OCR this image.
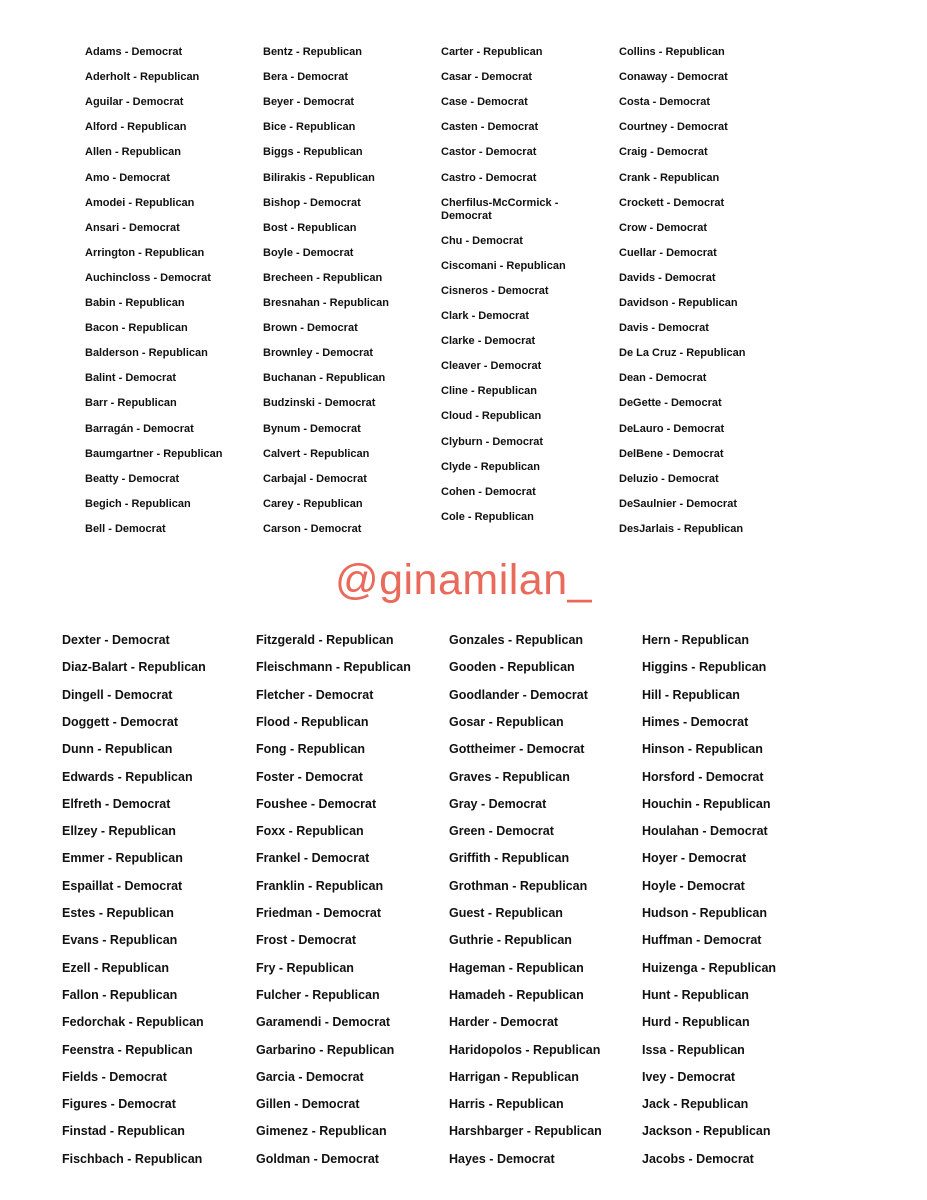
Adams - Democrat
Aderholt - Republican
Aguilar - Democrat
Alford - Republican
Allen - Republican
Amo - Democrat
Amodei - Republican
Ansari - Democrat
Arrington - Republican
Auchincloss - Democrat
Babin - Republican
Bacon - Republican
Balderson - Republican
Balint - Democrat
Barr - Republican
Barragán - Democrat
Baumgartner - Republican
Beatty - Democrat
Begich - Republican
Bell - Democrat
Bentz - Republican
Bera - Democrat
Beyer - Democrat
Bice - Republican
Biggs - Republican
Bilirakis - Republican
Bishop - Democrat
Bost - Republican
Boyle - Democrat
Brecheen - Republican
Bresnahan - Republican
Brown - Democrat
Brownley - Democrat
Buchanan - Republican
Budzinski - Democrat
Bynum - Democrat
Calvert - Republican
Carbajal - Democrat
Carey - Republican
Carson - Democrat
Carter - Republican
Casar - Democrat
Case - Democrat
Casten - Democrat
Castor - Democrat
Castro - Democrat
Cherfilus-McCormick - Democrat
Chu - Democrat
Ciscomani - Republican
Cisneros - Democrat
Clark - Democrat
Clarke - Democrat
Cleaver - Democrat
Cline - Republican
Cloud - Republican
Clyburn - Democrat
Clyde - Republican
Cohen - Democrat
Cole - Republican
Collins - Republican
Conaway - Democrat
Costa - Democrat
Courtney - Democrat
Craig - Democrat
Crank - Republican
Crockett - Democrat
Crow - Democrat
Cuellar - Democrat
Davids - Democrat
Davidson - Republican
Davis - Democrat
De La Cruz - Republican
Dean - Democrat
DeGette - Democrat
DeLauro - Democrat
DelBene - Democrat
Deluzio - Democrat
DeSaulnier - Democrat
DesJarlais - Republican
@ginamilan_
Dexter - Democrat
Diaz-Balart - Republican
Dingell - Democrat
Doggett - Democrat
Dunn - Republican
Edwards - Republican
Elfreth - Democrat
Ellzey - Republican
Emmer - Republican
Espaillat - Democrat
Estes - Republican
Evans - Republican
Ezell - Republican
Fallon - Republican
Fedorchak - Republican
Feenstra - Republican
Fields - Democrat
Figures - Democrat
Finstad - Republican
Fischbach - Republican
Fitzgerald - Republican
Fleischmann - Republican
Fletcher - Democrat
Flood - Republican
Fong - Republican
Foster - Democrat
Foushee - Democrat
Foxx - Republican
Frankel - Democrat
Franklin - Republican
Friedman - Democrat
Frost - Democrat
Fry - Republican
Fulcher - Republican
Garamendi - Democrat
Garbarino - Republican
Garcia - Democrat
Gillen - Democrat
Gimenez - Republican
Goldman - Democrat
Gonzales - Republican
Gooden - Republican
Goodlander - Democrat
Gosar - Republican
Gottheimer - Democrat
Graves - Republican
Gray - Democrat
Green - Democrat
Griffith - Republican
Grothman - Republican
Guest - Republican
Guthrie - Republican
Hageman - Republican
Hamadeh - Republican
Harder - Democrat
Haridopolos - Republican
Harrigan - Republican
Harris - Republican
Harshbarger - Republican
Hayes - Democrat
Hern - Republican
Higgins - Republican
Hill - Republican
Himes - Democrat
Hinson - Republican
Horsford - Democrat
Houchin - Republican
Houlahan - Democrat
Hoyer - Democrat
Hoyle - Democrat
Hudson - Republican
Huffman - Democrat
Huizenga - Republican
Hunt - Republican
Hurd - Republican
Issa - Republican
Ivey - Democrat
Jack - Republican
Jackson - Republican
Jacobs - Democrat
